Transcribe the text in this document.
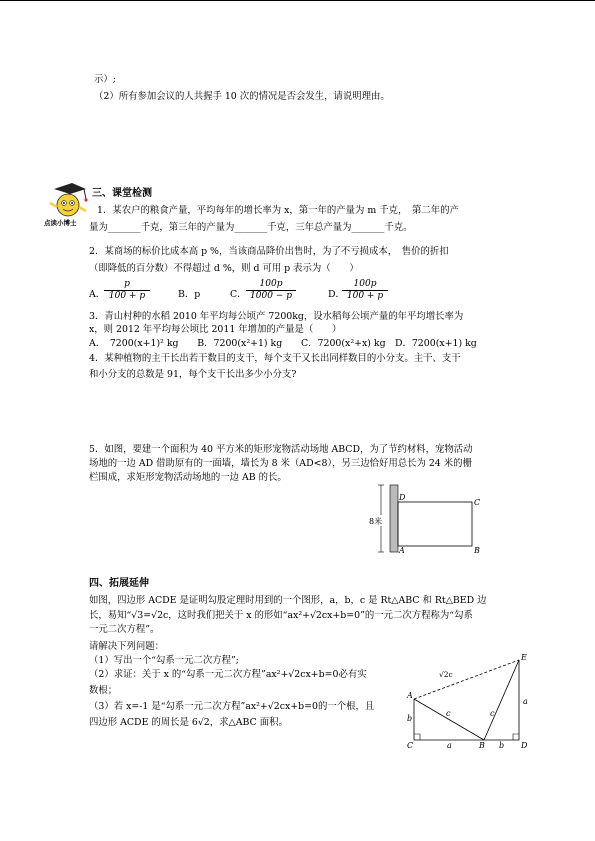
示）;
（2）所有参加会议的人共握手 10 次的情况是否会发生，请说明理由。
点读小博士
三、课堂检测
1．某农户的粮食产量，平均每年的增长率为 x，第一年的产量为 m 千克，　第二年的产
量为_______千克，第三年的产量为_______千克，三年总产量为_______千克。
2．某商场的标价比成本高 p %，当该商品降价出售时，为了不亏损成本，　售价的折扣
（即降低的百分数）不得超过 d %，则 d 可用 p 表示为（　　）
A．
$\frac{p}{100 + p}$	B．p	C． $\frac{100p}{1000 - p}$	D．
$\frac{100p}{100 + p}$
3．青山村种的水稻 2010 年平均每公顷产 7200kg，设水稻每公顷产量的年平均增长率为
x，则 2012 年平均每公顷比 2011 年增加的产量是（　　）
A．　7200(x+1)² kg　　B．7200(x²+1) kg　　C．7200(x²+x) kg　D．7200(x+1) kg
4．某种植物的主干长出若干数目的支干，每个支干又长出同样数目的小分支。主干、支干
和小分支的总数是 91，每个支干长出多少小分支?
5．如图，要建一个面积为 40 平方米的矩形宠物活动场地 ABCD，为了节约材料，宠物活动
场地的一边 AD 借助原有的一面墙，墙长为 8 米（AD<8），另三边恰好用总长为 24 米的栅
栏围成，求矩形宠物活动场地的一边 AB 的长。
8米
D
C
A	B
四、拓展延伸
如图，四边形 ACDE 是证明勾股定理时用到的一个图形，a，b，c 是 Rt△ABC 和 Rt△BED 边
长，易知“√3=√2c，这时我们把关于 x 的形如“ax²+√2cx+b=0”的一元二次方程称为“勾系
一元二次方程”。
请解决下列问题：
（1）写出一个“勾系一元二次方程”;
（2）求证：关于 x 的“勾系一元二次方程”ax²+√2cx+b=0必有实
数根；
（3）若 x=-1 是“勾系一元二次方程”ax²+√2cx+b=0的一个根，且
四边形 ACDE 的周长是 6√2，求△ABC 面积。
√2c
E
A
C	B	D
b
a	b
a
c	c
